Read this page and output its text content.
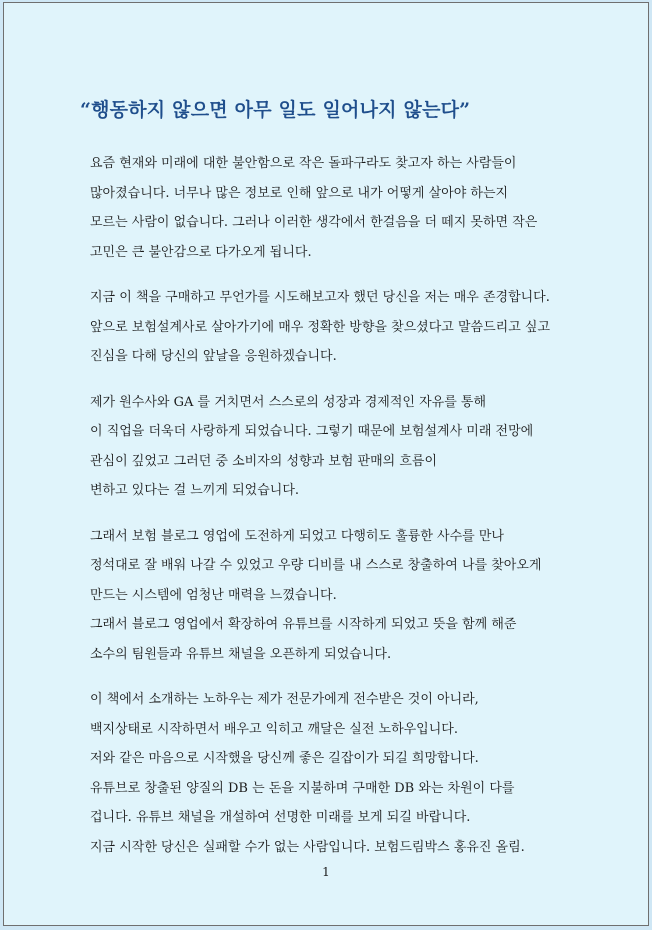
“행동하지 않으면 아무 일도 일어나지 않는다”
요즘 현재와 미래에 대한 불안함으로 작은 돌파구라도 찾고자 하는 사람들이
많아졌습니다. 너무나 많은 정보로 인해 앞으로 내가 어떻게 살아야 하는지
모르는 사람이 없습니다. 그러나 이러한 생각에서 한걸음을 더 떼지 못하면 작은
고민은 큰 불안감으로 다가오게 됩니다.
지금 이 책을 구매하고 무언가를 시도해보고자 했던 당신을 저는 매우 존경합니다.
앞으로 보험설계사로 살아가기에 매우 정확한 방향을 찾으셨다고 말씀드리고 싶고
진심을 다해 당신의 앞날을 응원하겠습니다.
제가 원수사와 GA 를 거치면서 스스로의 성장과 경제적인 자유를 통해
이 직업을 더욱더 사랑하게 되었습니다. 그렇기 때문에 보험설계사 미래 전망에
관심이 깊었고 그러던 중 소비자의 성향과 보험 판매의 흐름이
변하고 있다는 걸 느끼게 되었습니다.
그래서 보험 블로그 영업에 도전하게 되었고 다행히도 훌륭한 사수를 만나
정석대로 잘 배워 나갈 수 있었고 우량 디비를 내 스스로 창출하여 나를 찾아오게
만드는 시스템에 엄청난 매력을 느꼈습니다.
그래서 블로그 영업에서 확장하여 유튜브를 시작하게 되었고 뜻을 함께 해준
소수의 팀원들과 유튜브 채널을 오픈하게 되었습니다.
이 책에서 소개하는 노하우는 제가 전문가에게 전수받은 것이 아니라,
백지상태로 시작하면서 배우고 익히고 깨달은 실전 노하우입니다.
저와 같은 마음으로 시작했을 당신께 좋은 길잡이가 되길 희망합니다.
유튜브로 창출된 양질의 DB 는 돈을 지불하며 구매한 DB 와는 차원이 다를
겁니다. 유튜브 채널을 개설하여 선명한 미래를 보게 되길 바랍니다.
지금 시작한 당신은 실패할 수가 없는 사람입니다. 보험드림박스 홍유진 올림.
1
